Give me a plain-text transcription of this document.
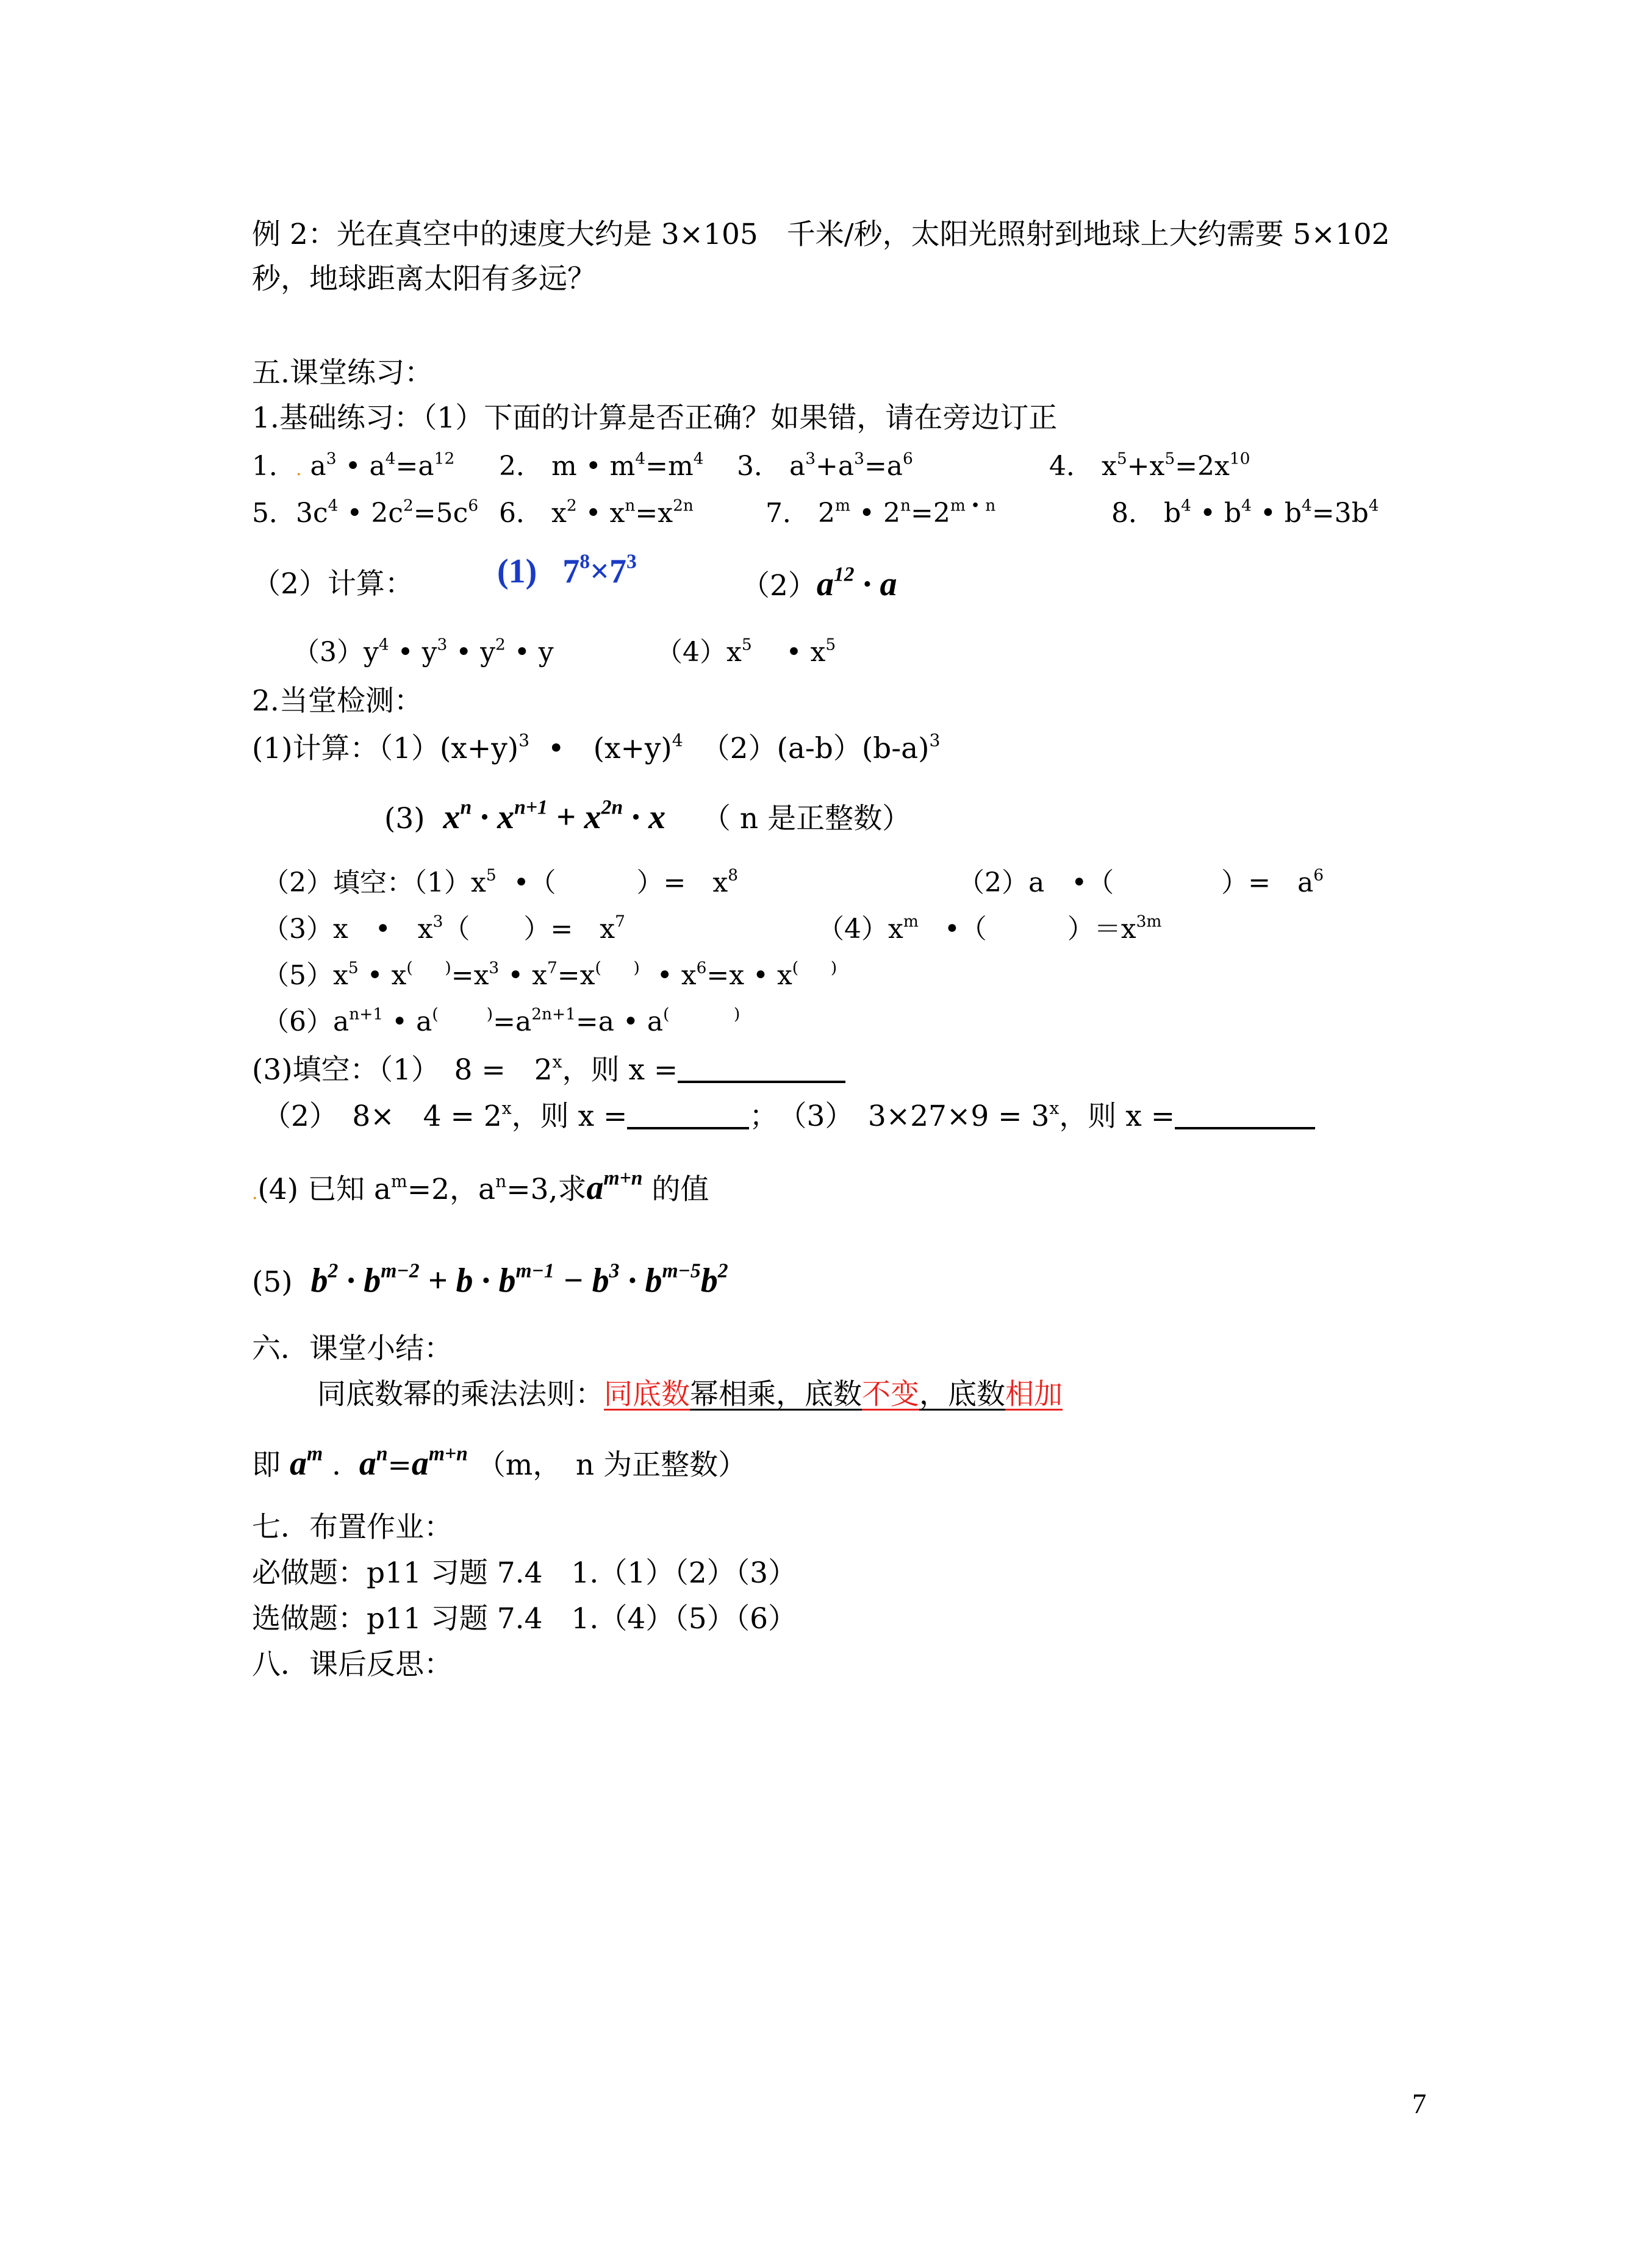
例 2：光在真空中的速度大约是 3×105　千米/秒，太阳光照射到地球上大约需要 5×102
秒，地球距离太阳有多远？
五.课堂练习：
1.基础练习：（1）下面的计算是否正确？如果错，请在旁边订正
1．. $a^3$ • $a^4=a^{12}$ 2． m • $m^4=m^4$ 3． $a^3+a^3=a^6$	4． $x^5+x^5=2x^{10}$
5．$3c^4$ • $2c^2=5c^6$ 6． $x^2$ • $x^n=x^{2n}$	7． 2$^m$ • $2^n=2^{m • n}$	8． $b^4$ • $b^4$ • $b^4=3b^4$
（2）计算： (1)   $7^8\times 7^3$
$(2)a^{12} \cdot a$
$(3)y^4$ • $y^3$ • $y^2$ • y	$(4)x^5$    • $x^5$
2.当堂检测：
(1)计算：$(1)(x+y)^3$ •　$(x+y)^4$ $(2)(a-b)(b-a)^3$
(3) $x^n \cdot x^{n+1} + x^{2n} \cdot x$ （ n 是正整数）
（2）填空：$(1)x^5$ •（　　　）=　$x^8$	（2）a　•（　　　　）=　$a^6$
（3）x　•　$x^3$（　　）=　$x^7$	$(4)x^m$ •（　　　）$=x^{3m}$
$(5)x^5$ • $x^{( )}=x^3$ • $x^7=x^{( )}$  • $x^6=x$ • x(　　)
$(6)a^{n+1}$ • $a^{( )}=a^{2n+1}=a$ • a(　　　　)
(3)填空：（1）　8 =　$2^x$，则 x =
（2）　8×　$4 = 2^x$，则 x =	；　（3）　$3\times 27\times 9 = 3^x$，则 x =
.(4) 已知 $a^m=2$，$a^n=3$,求$a^{m+n}$ 的值
(5) $b^2 \cdot b^{m-2} + b \cdot b^{m-1} - b^3 \cdot b^{m-5}b^2$
六．课堂小结：
同底数幂的乘法法则：同底数幂相乘，底数不变，底数相加
即 $a^m$ .  $a^n=a^{m+n}$ （m，　n 为正整数）
七．布置作业：
必做题：p11 习题 7.4　1.（1）（2）（3）
选做题：p11 习题 7.4　1.（4）（5）（6）
八．课后反思：
7
